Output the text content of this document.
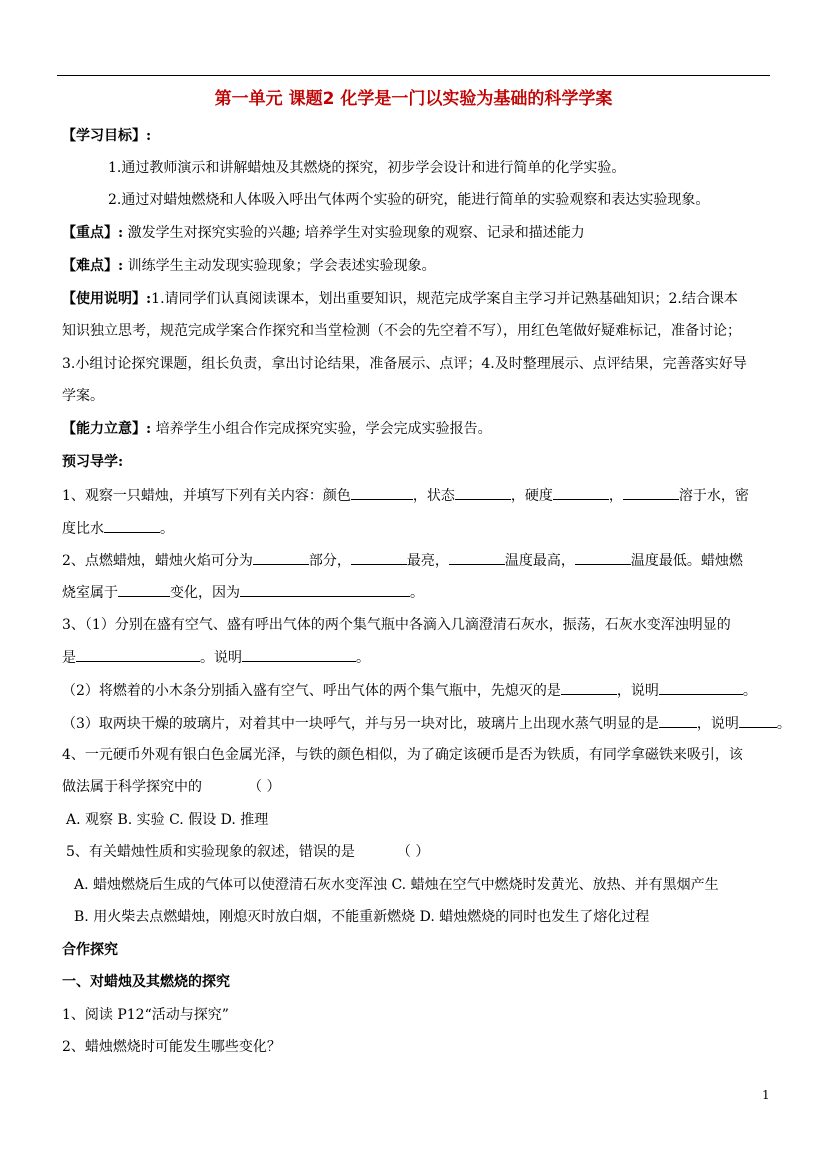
第一单元 课题2 化学是一门以实验为基础的科学学案
【学习目标】:
1.通过教师演示和讲解蜡烛及其燃烧的探究，初步学会设计和进行简单的化学实验。
2.通过对蜡烛燃烧和人体吸入呼出气体两个实验的研究，能进行简单的实验观察和表达实验现象。
【重点】: 激发学生对探究实验的兴趣; 培养学生对实验现象的观察、记录和描述能力
【难点】: 训练学生主动发现实验现象；学会表述实验现象。
【使用说明】:1.请同学们认真阅读课本，划出重要知识，规范完成学案自主学习并记熟基础知识；2.结合课本
知识独立思考，规范完成学案合作探究和当堂检测（不会的先空着不写），用红色笔做好疑难标记，准备讨论；
3.小组讨论探究课题，组长负责，拿出讨论结果，准备展示、点评；4.及时整理展示、点评结果，完善落实好导
学案。
【能力立意】: 培养学生小组合作完成探究实验，学会完成实验报告。
预习导学:
1、观察一只蜡烛，并填写下列有关内容：颜色	，状态	，硬度	，	溶于水，密
度比水	。
2、点燃蜡烛，蜡烛火焰可分为	部分，	最亮，	温度最高，	温度最低。蜡烛燃
烧室属于	变化，因为	。
3、（1）分别在盛有空气、盛有呼出气体的两个集气瓶中各滴入几滴澄清石灰水，振荡，石灰水变浑浊明显的
是	。说明	。
（2）将燃着的小木条分别插入盛有空气、呼出气体的两个集气瓶中，先熄灭的是	，说明	。
（3）取两块干燥的玻璃片，对着其中一块呼气，并与另一块对比，玻璃片上出现水蒸气明显的是	，说明	。
4、一元硬币外观有银白色金属光泽，与铁的颜色相似，为了确定该硬币是否为铁质，有同学拿磁铁来吸引，该
做法属于科学探究中的	（ ）
A. 观察 B. 实验 C. 假设 D. 推理
5、有关蜡烛性质和实验现象的叙述，错误的是	（ ）
A. 蜡烛燃烧后生成的气体可以使澄清石灰水变浑浊 C. 蜡烛在空气中燃烧时发黄光、放热、并有黑烟产生
B. 用火柴去点燃蜡烛，刚熄灭时放白烟，不能重新燃烧 D. 蜡烛燃烧的同时也发生了熔化过程
合作探究
一、对蜡烛及其燃烧的探究
1、阅读 P12“活动与探究”
2、蜡烛燃烧时可能发生哪些变化？
1
